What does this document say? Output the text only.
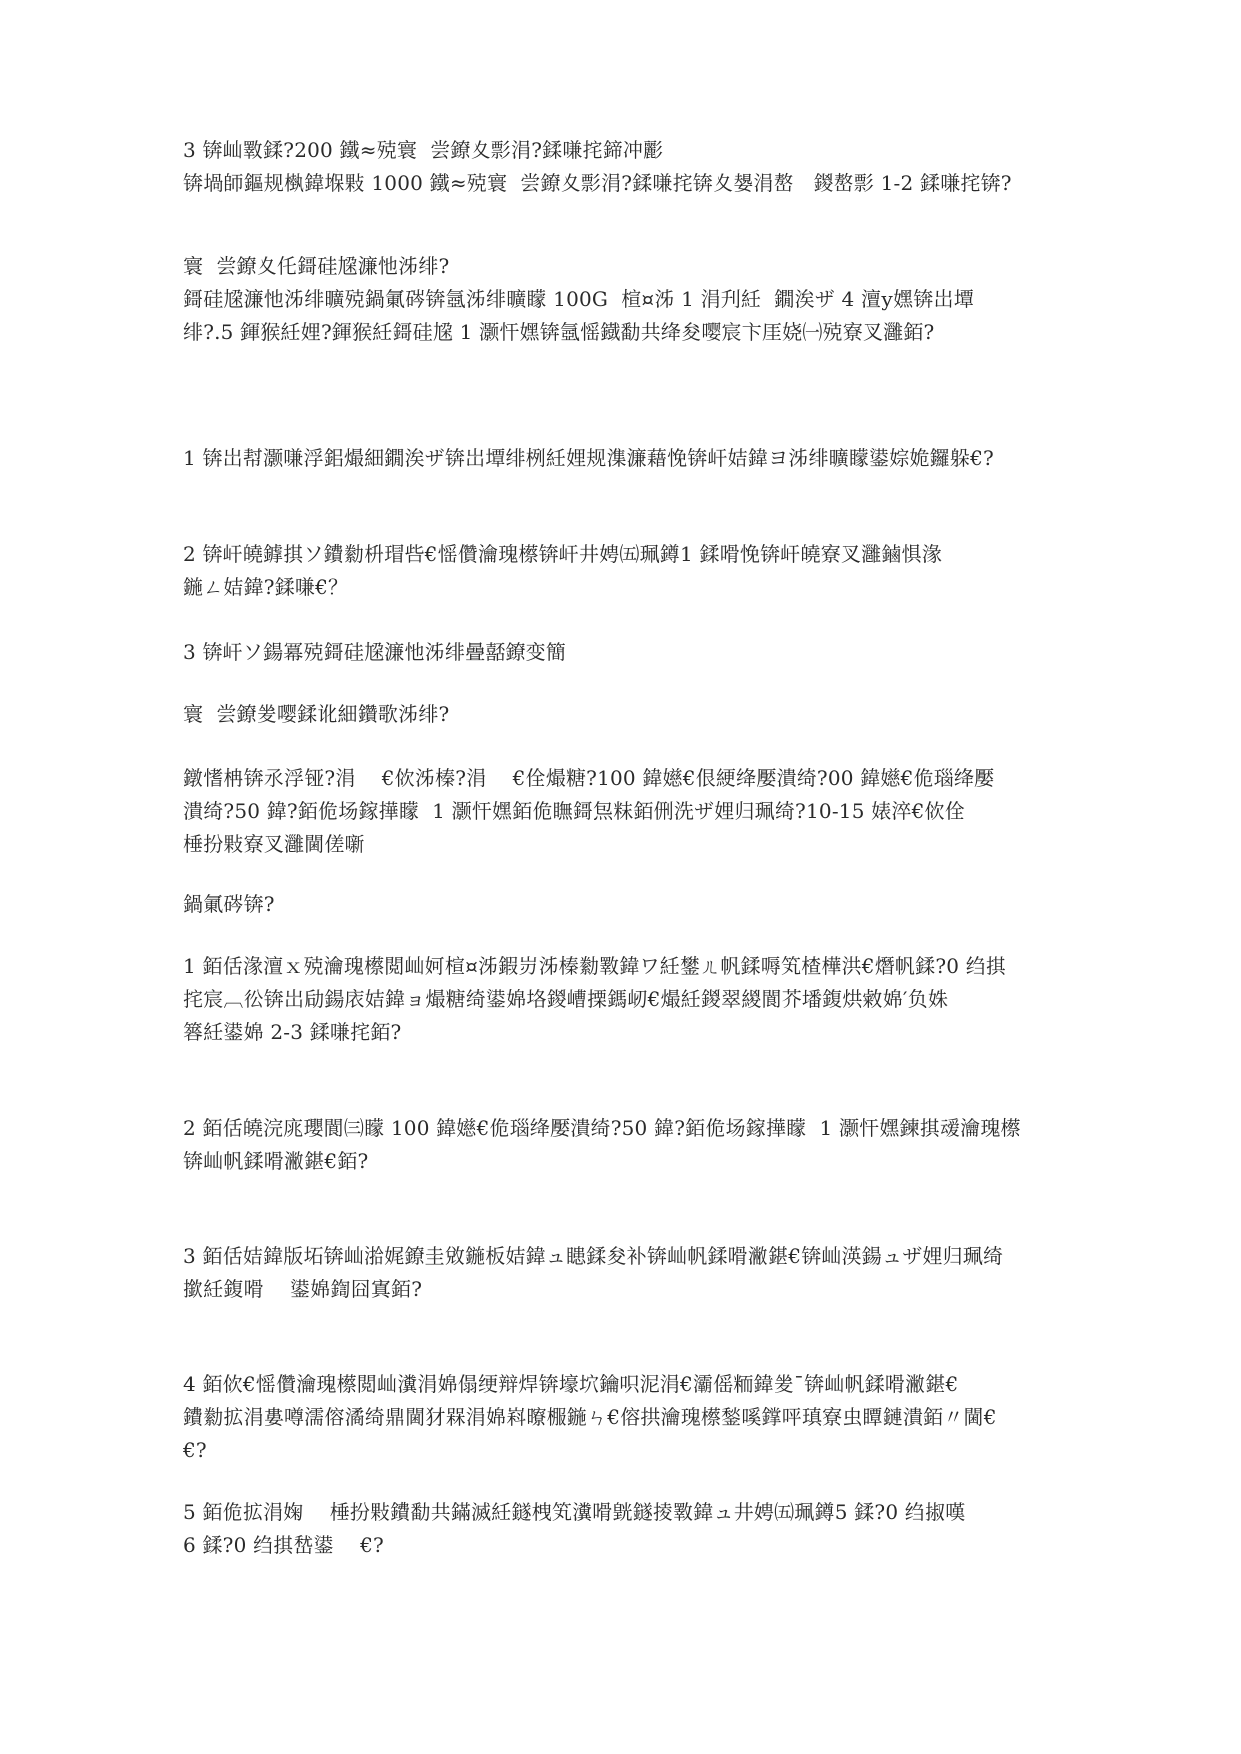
3 锛屾斁鍒?200 鐵≈殑寰  尝鐐夊彯涓?鍒嗛挓鍗冲彲
锛堝師鏂规槸鍏堢敤 1000 鐵≈殑寰  尝鐐夊彯涓?鍒嗛挓锛夊嫢涓嶅   鍐嶅彯 1-2 鍒嗛挓锛?

寰  尝鐐夊仛鎶硅尮濂忚泲绯?
鎶硅尮濂忚泲绯曠殑鍋氭硶锛氬泲绯曠矇 100G  楦¤泲 1 涓刋紝  鐗涘ザ 4 澶у嫼锛岀墰
绯?.5 鍕猴紝娌?鍕猴紝鎶硅尮 1 灏忓嫼锛氬愮鐡勫共绛夋嘤宸卞厓娆㈠殑寮叉灉銆?

1 锛岀幇灏嗛浮鈻熶細鐗涘ザ锛岀墰绯栵紝娌规潗濂藉悗锛屽姞鍏ヨ泲绯曠矇鍙婃姽鑼躲€?

2 锛屽皢鎼掑ソ鐨勬枡瑁呰€愮儹瀹瑰櫒锛屽井娉㈤珮鐏1 鍒嗗悗锛屽皢寮叉灉鏀惧湪
鍦ㄥ姞鍏?鍒嗛€？

3 锛屽ソ鍚冪殑鎶硅尮濂忚泲绯曡嚭鐐变簡

寰  尝鐐夎嘤鍒讹細鑽歌泲绯?

鐓愭柟锛氶浮铔?涓    €佽泲榛?涓    €佺熶糖?100 鍏嬨€佷綆绛嬮潰绮?00 鍏嬨€佹瑙绛嬮
潰绮?50 鍏?銆佹场鎵撶矇  1 灏忓嫼銆佹瞴鎶炰粖銆侀洗ザ娌归珮绮?10-15 婊淬€佽佺
棰扮敤寮叉灉閫傞噺

鍋氭硶锛?

1 銆佸湪澶ｘ殑瀹瑰櫒閲屾妸楦¤泲鍜岃泲榛勬斁鍏ワ紝鐢ㄦ帆鍒嗕笂楂樺洪€熸帆鍒?0 绉掑
挓宸︹彸锛岀劶鍚庡姞鍏ョ熶糖绮鍙婂垎鍐嶆搮鎷屻€熶紝鍐翠緵閬芥墦鍑烘敹婂′负姝
簭紝鍙婂 2-3 鍒嗛挓銆?

2 銆佸皢浣庣瓔閬㈢矇 100 鍏嬨€佹瑙绛嬮潰绮?50 鍏?銆佹场鎵撶矇  1 灏忓嫼鍊掑叆瀹瑰櫒
锛屾帆鍒嗗潎鍖€銆?

3 銆佸姞鍏版坧锛屾湁娓鐐圭敓鍦板姞鍏ュ瞣鍒夋补锛屾帆鍒嗗潎鍖€锛屾渶鍚ュザ娌归珮绮
撳紝鍑嗗    鍙婂鍧囧寘銆?

4 銆佽€愮儹瀹瑰櫒閲屾瀵涓婂傝绠辩焊锛壕坹鑰呮泥涓€灞傜粫鍏夎ˉ锛屾帆鍒嗗潎鍖€
鐨勬拡涓婁噂濡傛潏绮鼎閫犲槑涓婂嵙曢棴鍦ㄣ€傛拱瀹瑰櫒鍫嗘鐣呯瑱寮虫瞫鏈潰銆〃閫€
€?

5 銆佹拡涓婅    棰扮敤鐨勫共鏋滅紝鐩栧笂瀵嗗皝鐩掕斁鍏ュ井娉㈤珮鐏5 鍒?0 绉掓嘆
6 鍒?0 绉掑嵆鍙    €?
